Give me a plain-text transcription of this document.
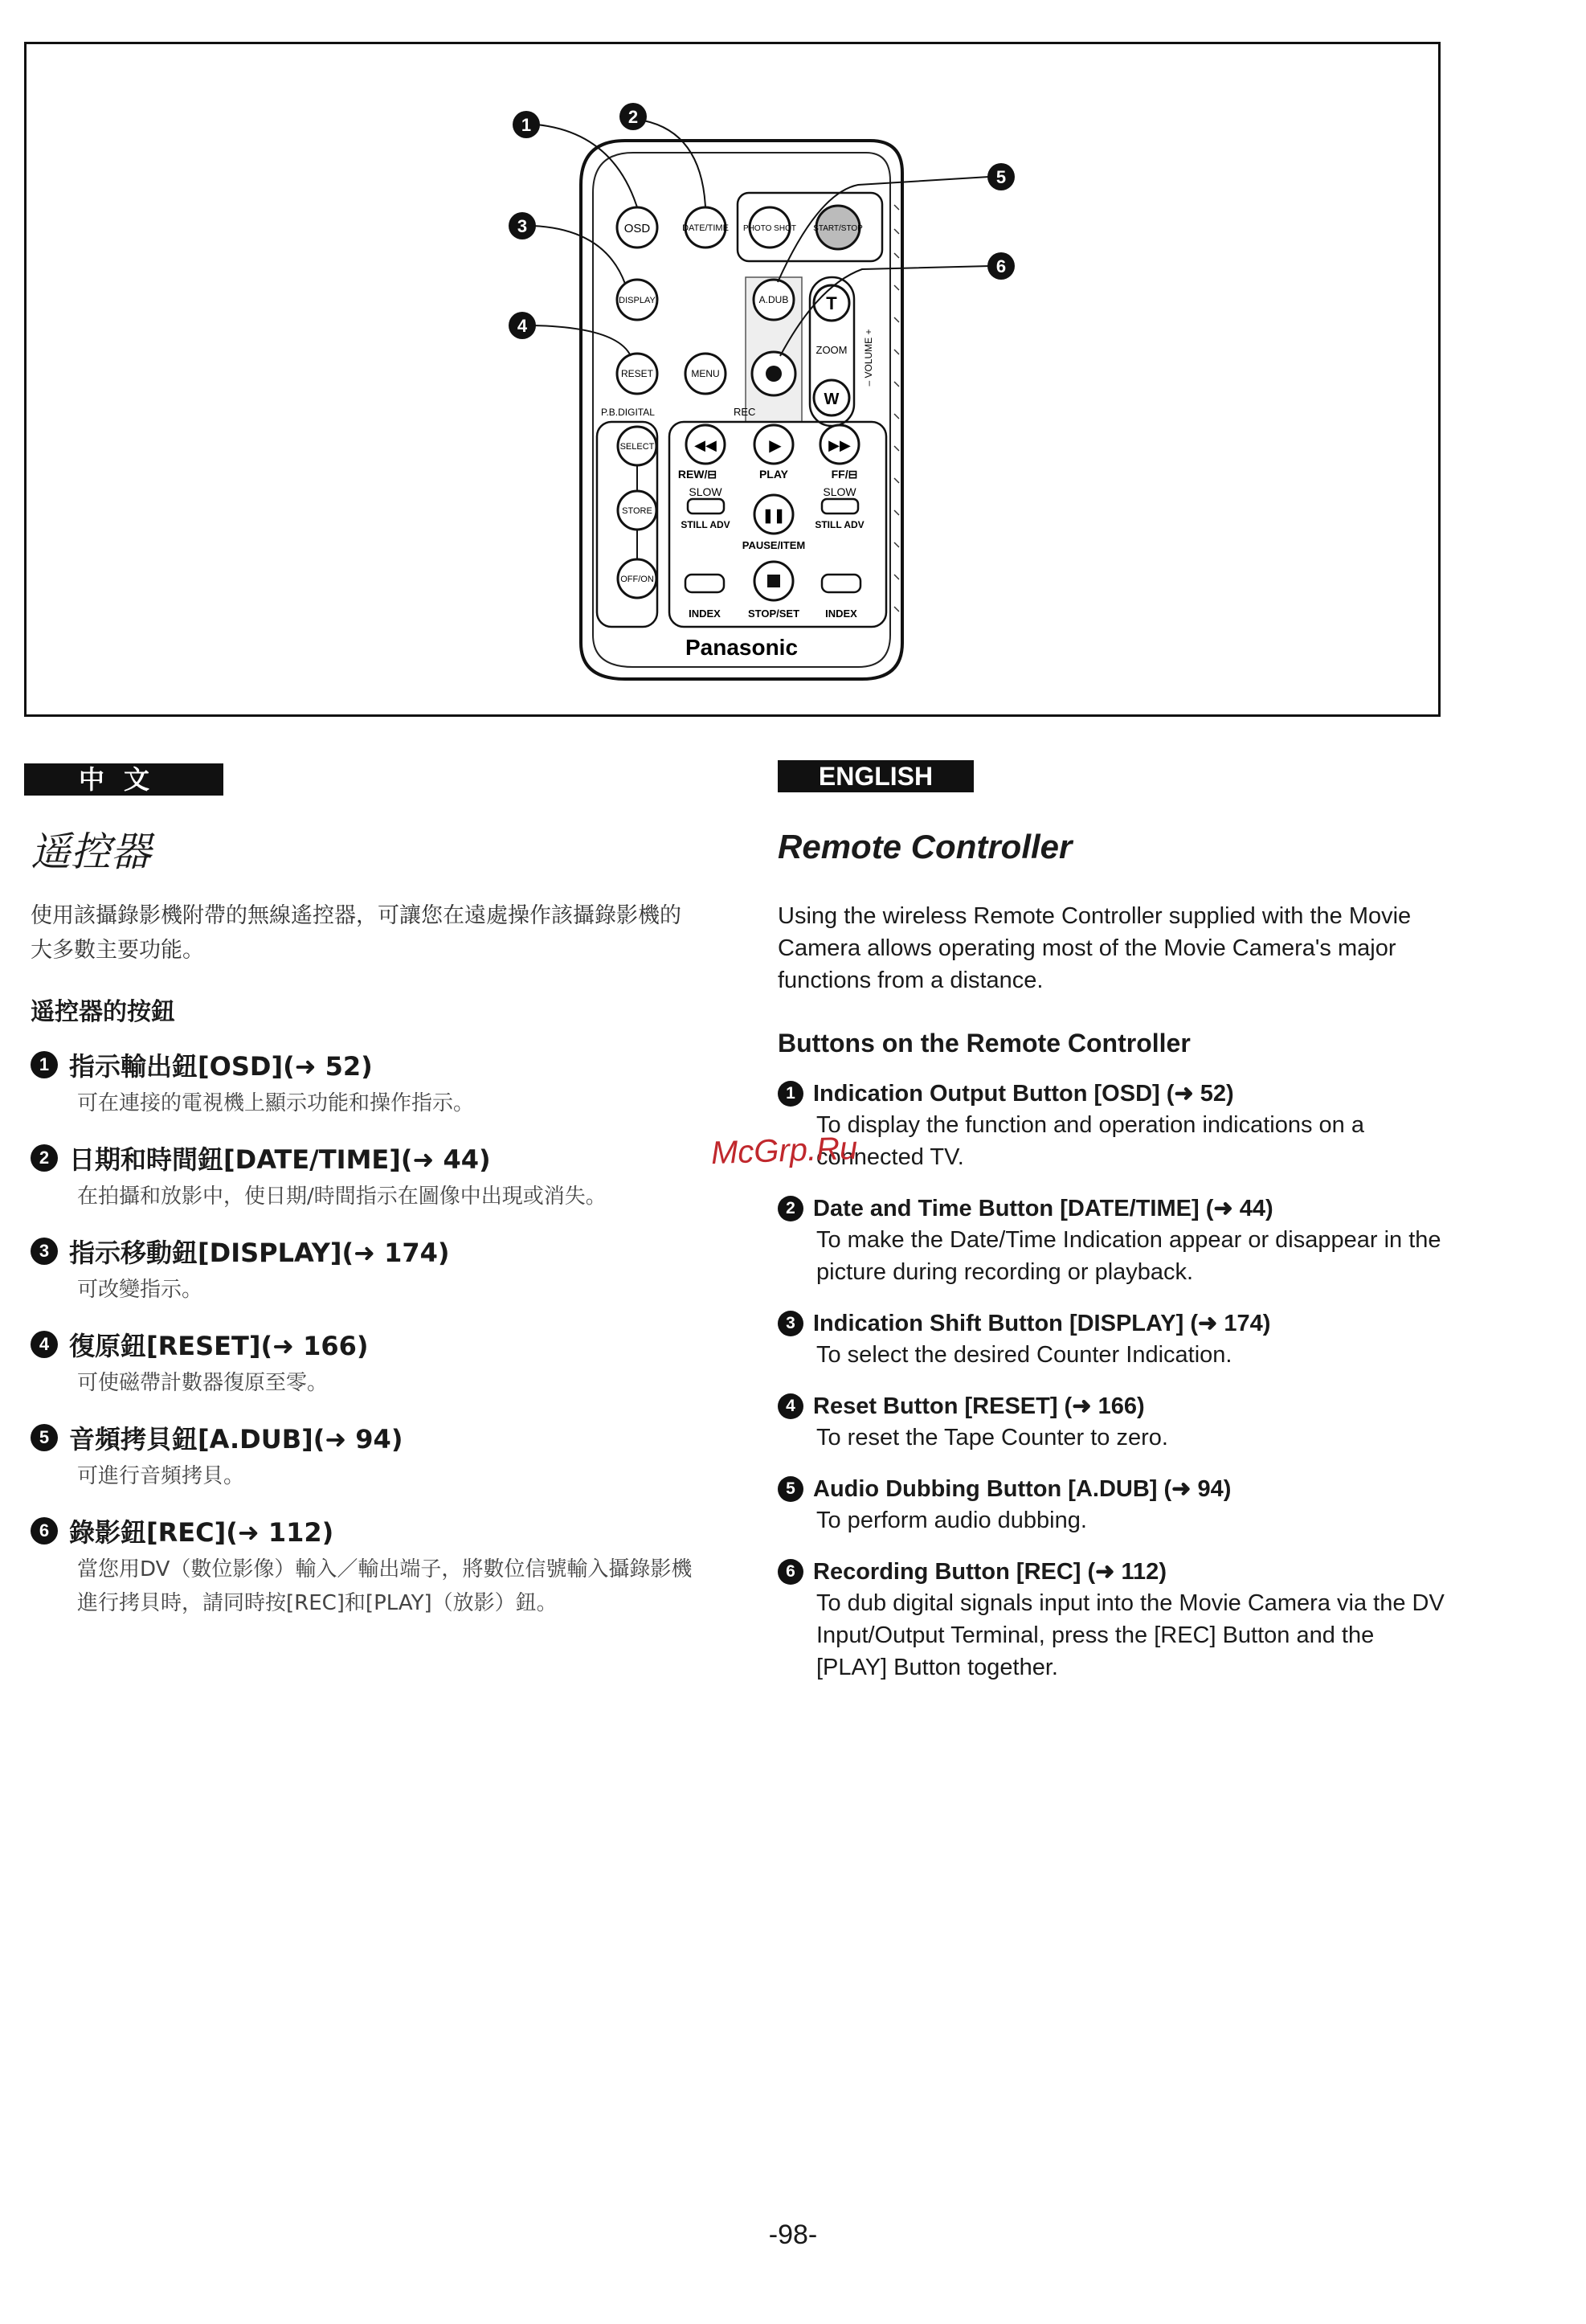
OSD	DATE/TIME PHOTO SHOT START/STOP
DISPLAY	A.DUB T
ZOOM
W
– VOLUME +
RESET	MENU
P.B.DIGITAL	REC
SELECT
STORE
OFF/ON
◀◀	▶	▶▶
REW/⊟	PLAY	FF/⊟
SLOW	SLOW
❚❚
STILL ADV	STILL ADV
PAUSE/ITEM
INDEX	STOP/SET INDEX
Panasonic
1	2
3
4
5
6
中文	ENGLISH
遥控器	Remote Controller

使用該攝錄影機附帶的無線遙控器，可讓您在遠處操作該攝錄影機的大多數主要功能。

遥控器的按鈕
1 指示輸出鈕[OSD](➜ 52)
可在連接的電視機上顯示功能和操作指示。
2 日期和時間鈕[DATE/TIME](➜ 44)
在拍攝和放影中，使日期/時間指示在圖像中出現或消失。
3 指示移動鈕[DISPLAY](➜ 174)
可改變指示。
4 復原鈕[RESET](➜ 166)
可使磁帶計數器復原至零。
5 音頻拷貝鈕[A.DUB](➜ 94)
可進行音頻拷貝。
6 錄影鈕[REC](➜ 112)
當您用DV（數位影像）輸入／輸出端子，將數位信號輸入攝錄影機進行拷貝時，請同時按[REC]和[PLAY]（放影）鈕。

Using the wireless Remote Controller supplied with the Movie Camera allows operating most of the Movie Camera's major functions from a distance.

Buttons on the Remote Controller
1 Indication Output Button [OSD] (➜ 52)
To display the function and operation indications on a connected TV.
2 Date and Time Button [DATE/TIME] (➜ 44)
To make the Date/Time Indication appear or disappear in the picture during recording or playback.
3 Indication Shift Button [DISPLAY] (➜ 174)
To select the desired Counter Indication.
4 Reset Button [RESET] (➜ 166)
To reset the Tape Counter to zero.
5 Audio Dubbing Button [A.DUB] (➜ 94)
To perform audio dubbing.
6 Recording Button [REC] (➜ 112)
To dub digital signals input into the Movie Camera via the DV Input/Output Terminal, press the [REC] Button and the [PLAY] Button together.
McGrp.Ru
-98-
